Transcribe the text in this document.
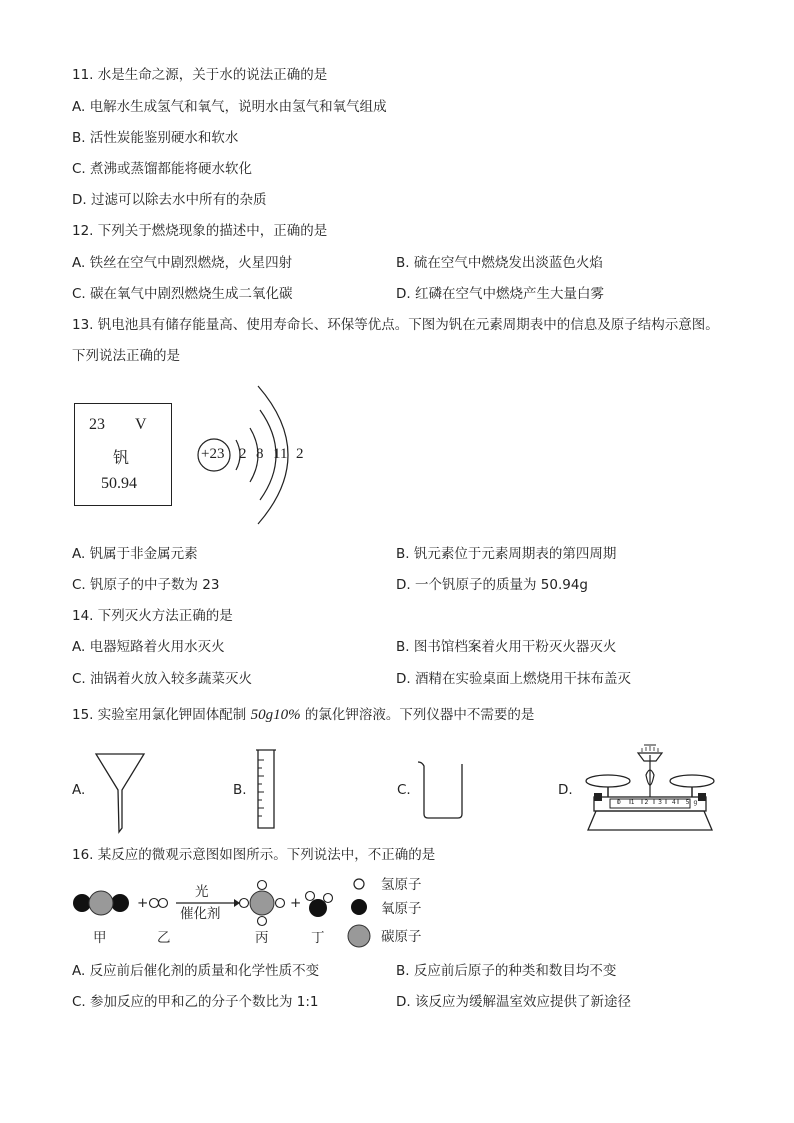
11. 水是生命之源，关于水的说法正确的是
A. 电解水生成氢气和氧气，说明水由氢气和氧气组成
B. 活性炭能鉴别硬水和软水
C. 煮沸或蒸馏都能将硬水软化
D. 过滤可以除去水中所有的杂质
12. 下列关于燃烧现象的描述中，正确的是
A. 铁丝在空气中剧烈燃烧，火星四射	B. 硫在空气中燃烧发出淡蓝色火焰
C. 碳在氧气中剧烈燃烧生成二氧化碳	D. 红磷在空气中燃烧产生大量白雾
13. 钒电池具有储存能量高、使用寿命长、环保等优点。下图为钒在元素周期表中的信息及原子结构示意图。
下列说法正确的是
23 V
钒
50.94
+23 2 8 11 2
A. 钒属于非金属元素	B. 钒元素位于元素周期表的第四周期
C. 钒原子的中子数为 23	D. 一个钒原子的质量为 50.94g
14. 下列灭火方法正确的是
A. 电器短路着火用水灭火	B. 图书馆档案着火用干粉灭火器灭火
C. 油锅着火放入较多蔬菜灭火	D. 酒精在实验桌面上燃烧用干抹布盖灭
15. 实验室用氯化钾固体配制 50g10% 的氯化钾溶液。下列仪器中不需要的是
A.	B.	C.	D.
0 1 2 3 4 5g
16. 某反应的微观示意图如图所示。下列说法中，不正确的是
+	+
光
催化剂
甲	乙	丙	丁
氢原子
氧原子
碳原子
A. 反应前后催化剂的质量和化学性质不变	B. 反应前后原子的种类和数目均不变
C. 参加反应的甲和乙的分子个数比为 1:1	D. 该反应为缓解温室效应提供了新途径
